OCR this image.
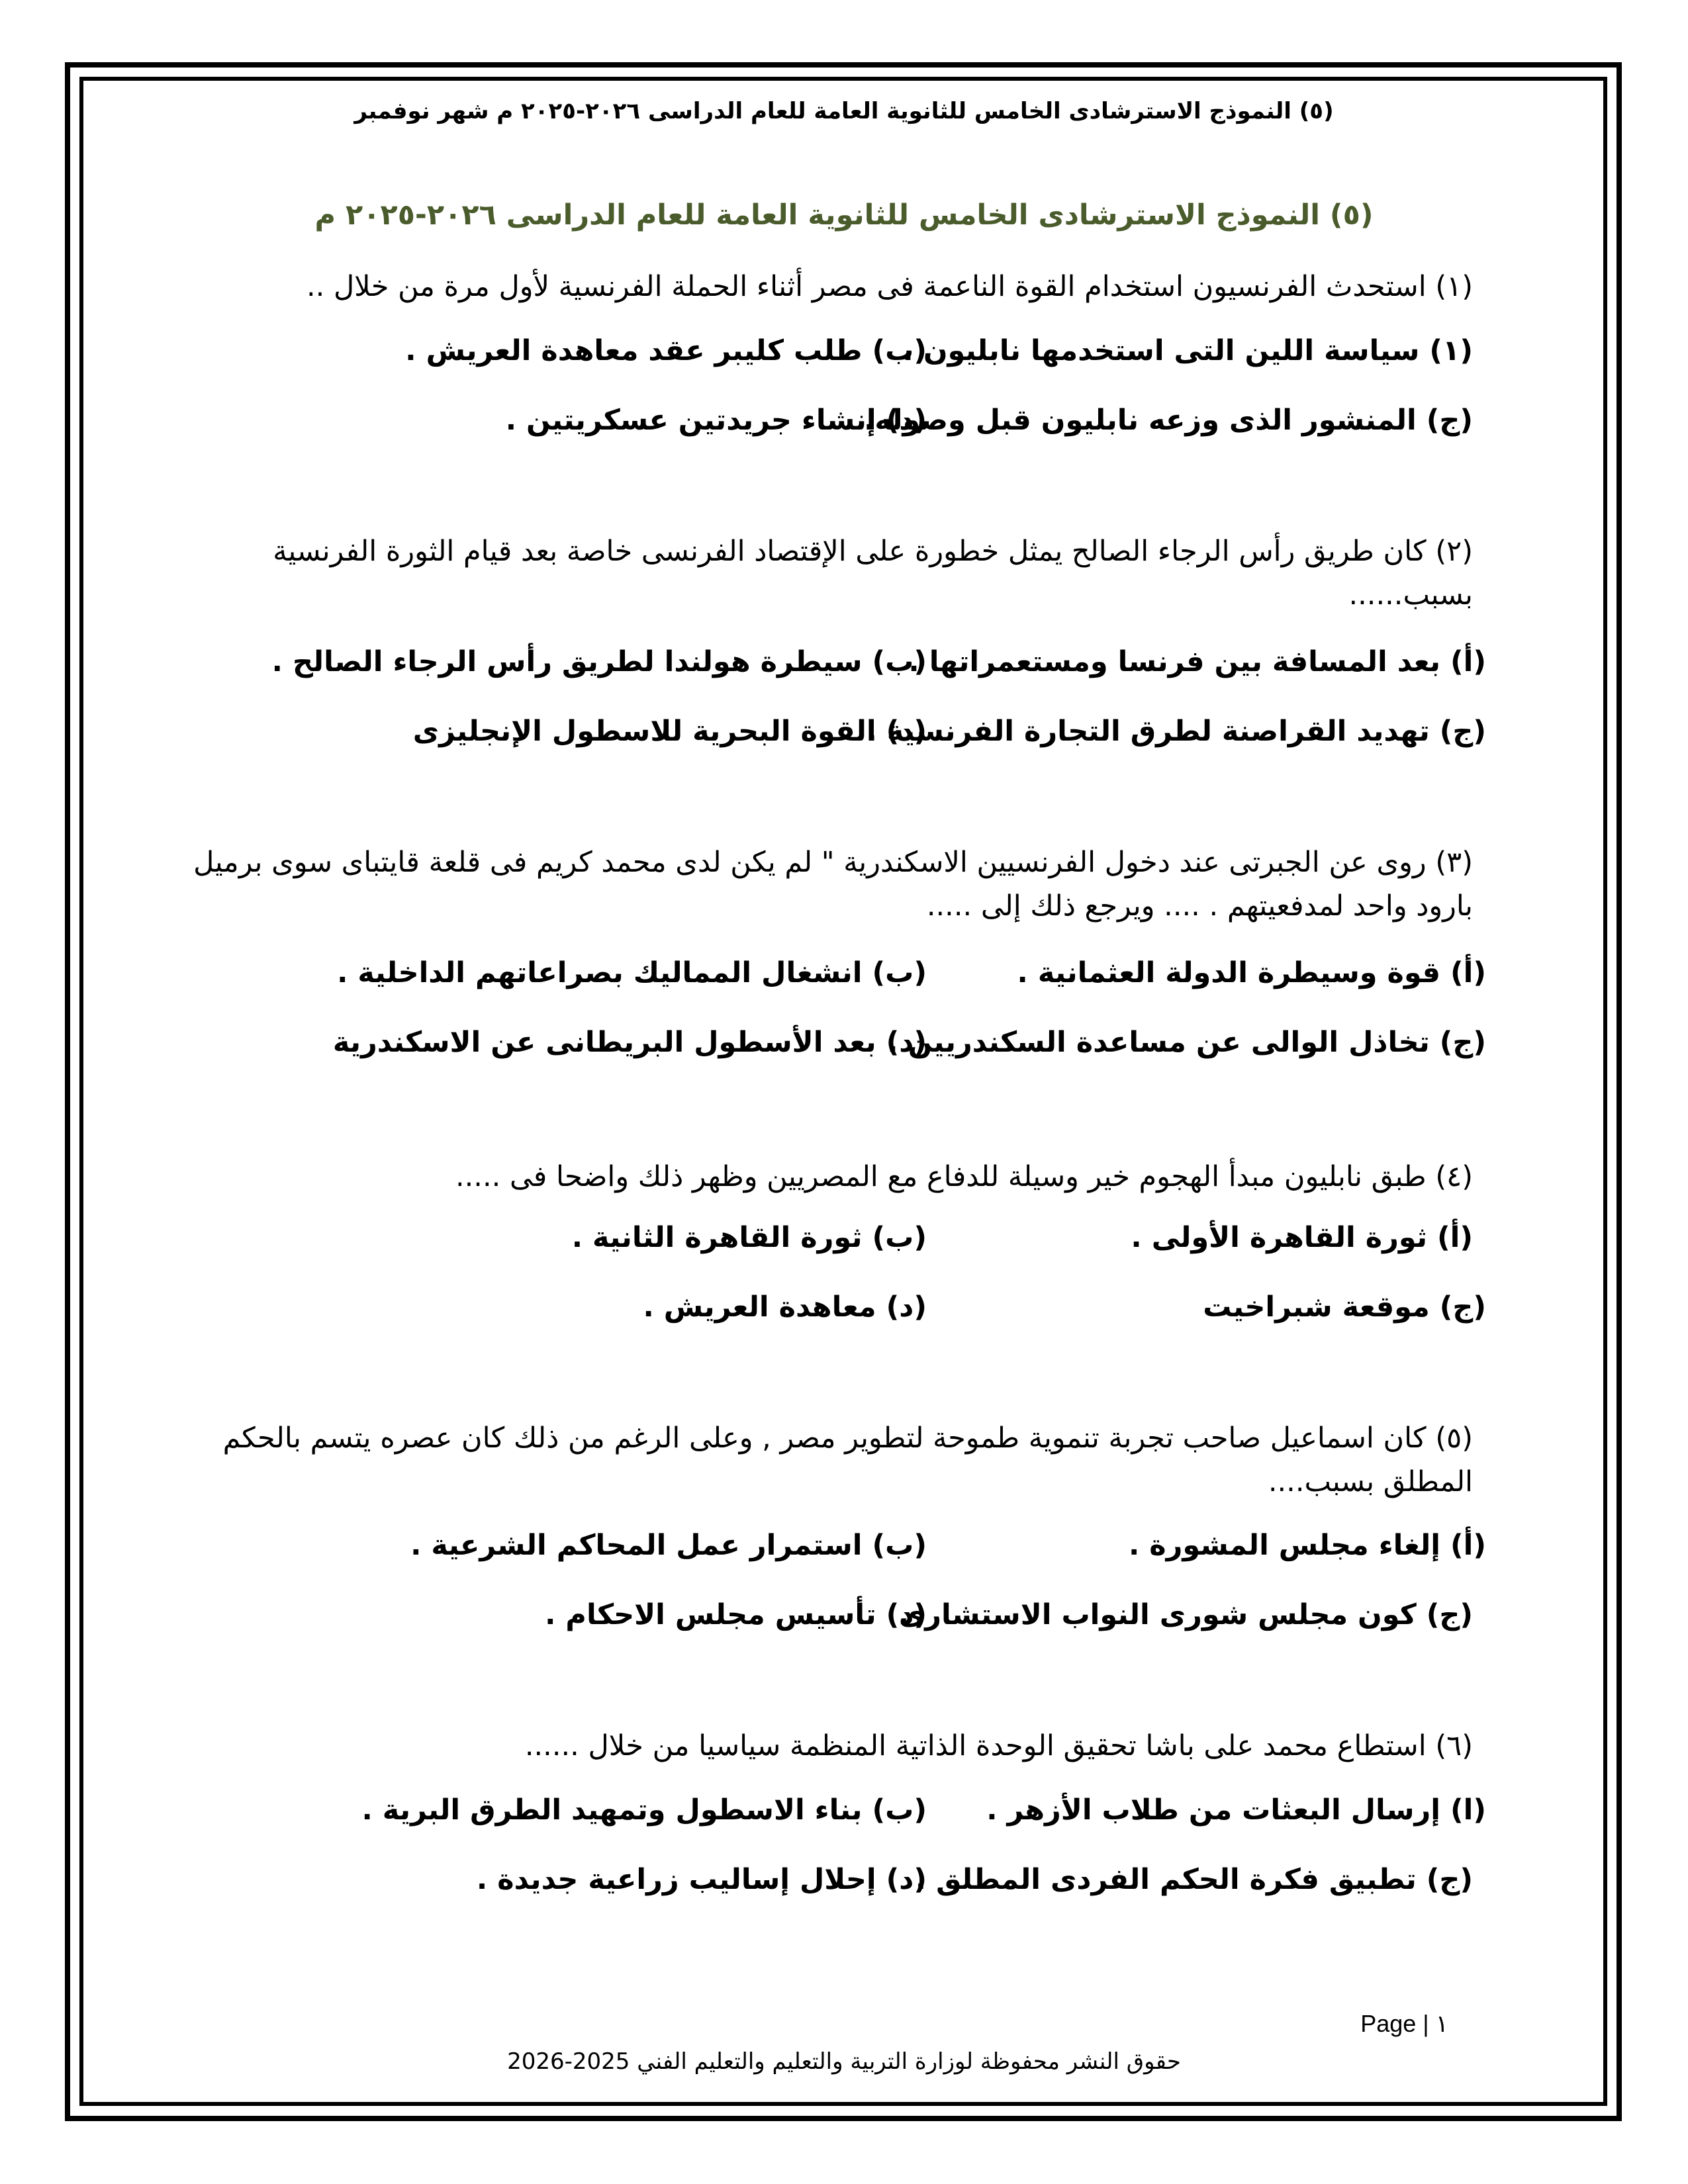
(٥) النموذج الاسترشادى الخامس للثانوية العامة للعام الدراسى ٢٠٢٦-٢٠٢٥ م شهر نوفمبر
(٥) النموذج الاسترشادى الخامس للثانوية العامة للعام الدراسى ٢٠٢٦-٢٠٢٥ م
(١) استحدث الفرنسيون استخدام القوة الناعمة فى مصر أثناء الحملة الفرنسية لأول مرة من خلال ..
(١) سياسة اللين التى استخدمها نابليون .
(ب) طلب كليبر عقد معاهدة العريش .
(ج) المنشور الذى وزعه نابليون قبل وصوله.
(د) إنشاء جريدتين عسكريتين .
(٢) كان طريق رأس الرجاء الصالح يمثل خطورة على الإقتصاد الفرنسى خاصة بعد قيام الثورة الفرنسية بسبب......
(أ) بعد المسافة بين فرنسا ومستعمراتها .
(ب) سيطرة هولندا لطريق رأس الرجاء الصالح .
(ج) تهديد القراصنة لطرق التجارة الفرنسية .
(د) القوة البحرية للاسطول الإنجليزى
(٣) روى عن الجبرتى عند دخول الفرنسيين الاسكندرية " لم يكن لدى محمد كريم فى قلعة قايتباى سوى برميل بارود واحد لمدفعيتهم . .... ويرجع ذلك إلى .....
(أ) قوة وسيطرة الدولة العثمانية .
(ب) انشغال المماليك بصراعاتهم الداخلية .
(ج) تخاذل الوالى عن مساعدة السكندريين .
(د) بعد الأسطول البريطانى عن الاسكندرية
(٤) طبق نابليون مبدأ الهجوم خير وسيلة للدفاع مع المصريين وظهر ذلك واضحا فى .....
(أ) ثورة القاهرة الأولى .
(ب) ثورة القاهرة الثانية .
(ج) موقعة شبراخيت
(د) معاهدة العريش .
(٥) كان اسماعيل صاحب تجربة تنموية طموحة لتطوير مصر , وعلى الرغم من ذلك كان عصره يتسم بالحكم المطلق بسبب....
(أ) إلغاء مجلس المشورة .
(ب) استمرار عمل المحاكم الشرعية .
(ج) كون مجلس شورى النواب الاستشارى
(د) تأسيس مجلس الاحكام .
(٦) استطاع محمد على باشا تحقيق الوحدة الذاتية المنظمة سياسيا من خلال ......
(ا) إرسال البعثات من طلاب الأزهر .
(ب) بناء الاسطول وتمهيد الطرق البرية .
(ج) تطبيق فكرة الحكم الفردى المطلق .
(د) إحلال إساليب زراعية جديدة .
Page | ١
حقوق النشر محفوظة لوزارة التربية والتعليم والتعليم الفني 2025-2026
